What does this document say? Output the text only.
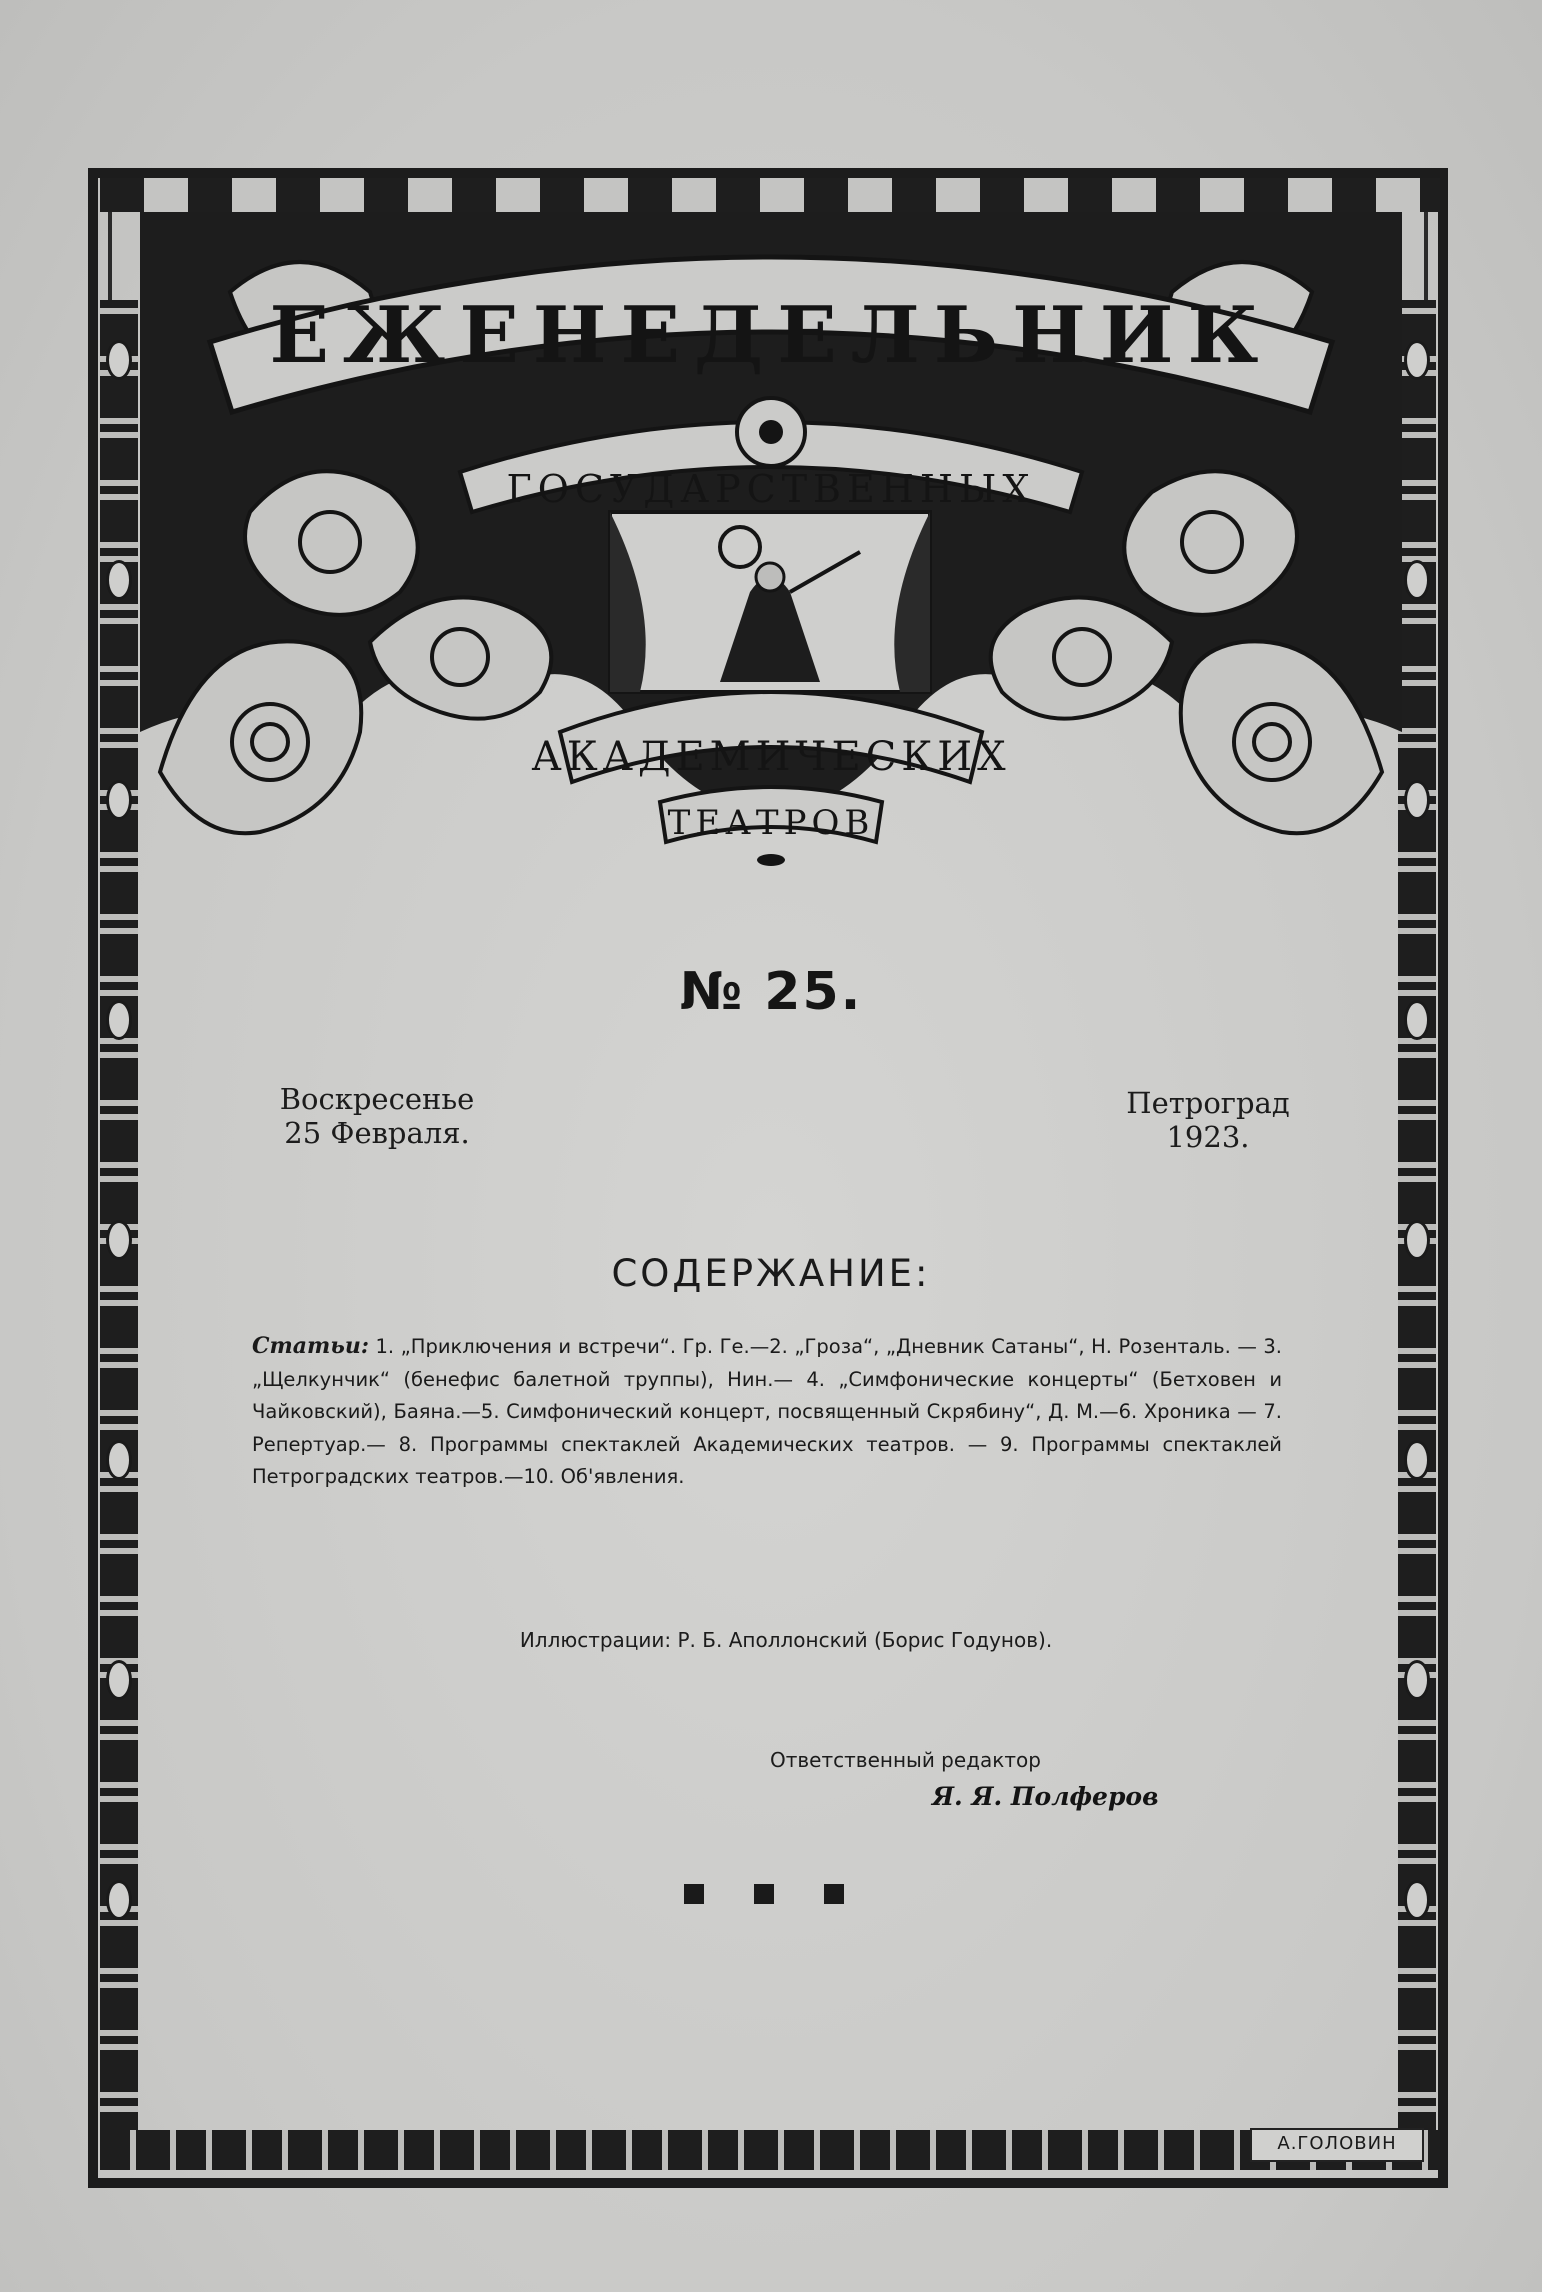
ЕЖЕНЕДЕЛЬНИК
ГОСУДАРСТВЕННЫХ
АКАДЕМИЧЕСКИХ
ТЕАТРОВ
№ 25.
Воскресенье
25 Февраля.
Петроград
1923.
СОДЕРЖАНИЕ:
Статьи: 1. „Приключения и встречи“. Гр. Ге.—2. „Гроза“, „Дневник Сатаны“, Н. Розенталь. — 3. „Щелкунчик“ (бенефис балетной труппы), Нин.— 4. „Симфонические концерты“ (Бетховен и Чайковский), Баяна.—5. Симфонический концерт, посвященный Скрябину“, Д. М.—6. Хроника — 7. Репертуар.— 8. Программы спектаклей Академических театров. — 9. Программы спектаклей Петроградских театров.—10. Об'явления.
Иллюстрации: Р. Б. Аполлонский (Борис Годунов).
Ответственный редактор
Я. Я. Полферов
А.ГОЛОВИН
